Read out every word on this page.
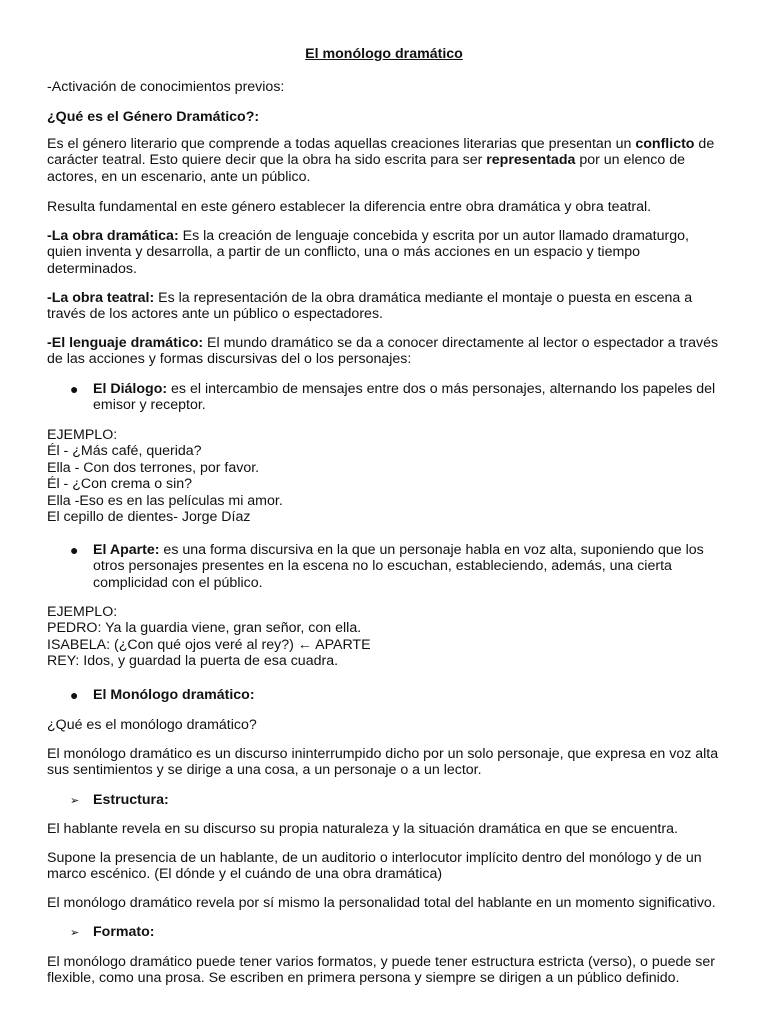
El monólogo dramático

-Activación de conocimientos previos:

¿Qué es el Género Dramático?:

Es el género literario que comprende a todas aquellas creaciones literarias que presentan un conflicto de carácter teatral. Esto quiere decir que la obra ha sido escrita para ser representada por un elenco de actores, en un escenario, ante un público.

Resulta fundamental en este género establecer la diferencia entre obra dramática y obra teatral.

-La obra dramática: Es la creación de lenguaje concebida y escrita por un autor llamado dramaturgo, quien inventa y desarrolla, a partir de un conflicto, una o más acciones en un espacio y tiempo determinados.

-La obra teatral: Es la representación de la obra dramática mediante el montaje o puesta en escena a través de los actores ante un público o espectadores.

-El lenguaje dramático: El mundo dramático se da a conocer directamente al lector o espectador a través de las acciones y formas discursivas del o los personajes:

● El Diálogo: es el intercambio de mensajes entre dos o más personajes, alternando los papeles del emisor y receptor.

EJEMPLO:
Él - ¿Más café, querida?
Ella - Con dos terrones, por favor.
Él - ¿Con crema o sin?
Ella -Eso es en las películas mi amor.
El cepillo de dientes- Jorge Díaz
● El Aparte: es una forma discursiva en la que un personaje habla en voz alta, suponiendo que los otros personajes presentes en la escena no lo escuchan, estableciendo, además, una cierta complicidad con el público.

EJEMPLO:
PEDRO: Ya la guardia viene, gran señor, con ella.
ISABELA: (¿Con qué ojos veré al rey?) ← APARTE
REY: Idos, y guardad la puerta de esa cuadra.
● El Monólogo dramático:

¿Qué es el monólogo dramático?

El monólogo dramático es un discurso ininterrumpido dicho por un solo personaje, que expresa en voz alta sus sentimientos y se dirige a una cosa, a un personaje o a un lector.

➢ Estructura:

El hablante revela en su discurso su propia naturaleza y la situación dramática en que se encuentra.

Supone la presencia de un hablante, de un auditorio o interlocutor implícito dentro del monólogo y de un marco escénico. (El dónde y el cuándo de una obra dramática)

El monólogo dramático revela por sí mismo la personalidad total del hablante en un momento significativo.

➢ Formato:

El monólogo dramático puede tener varios formatos, y puede tener estructura estricta (verso), o puede ser flexible, como una prosa. Se escriben en primera persona y siempre se dirigen a un público definido.
